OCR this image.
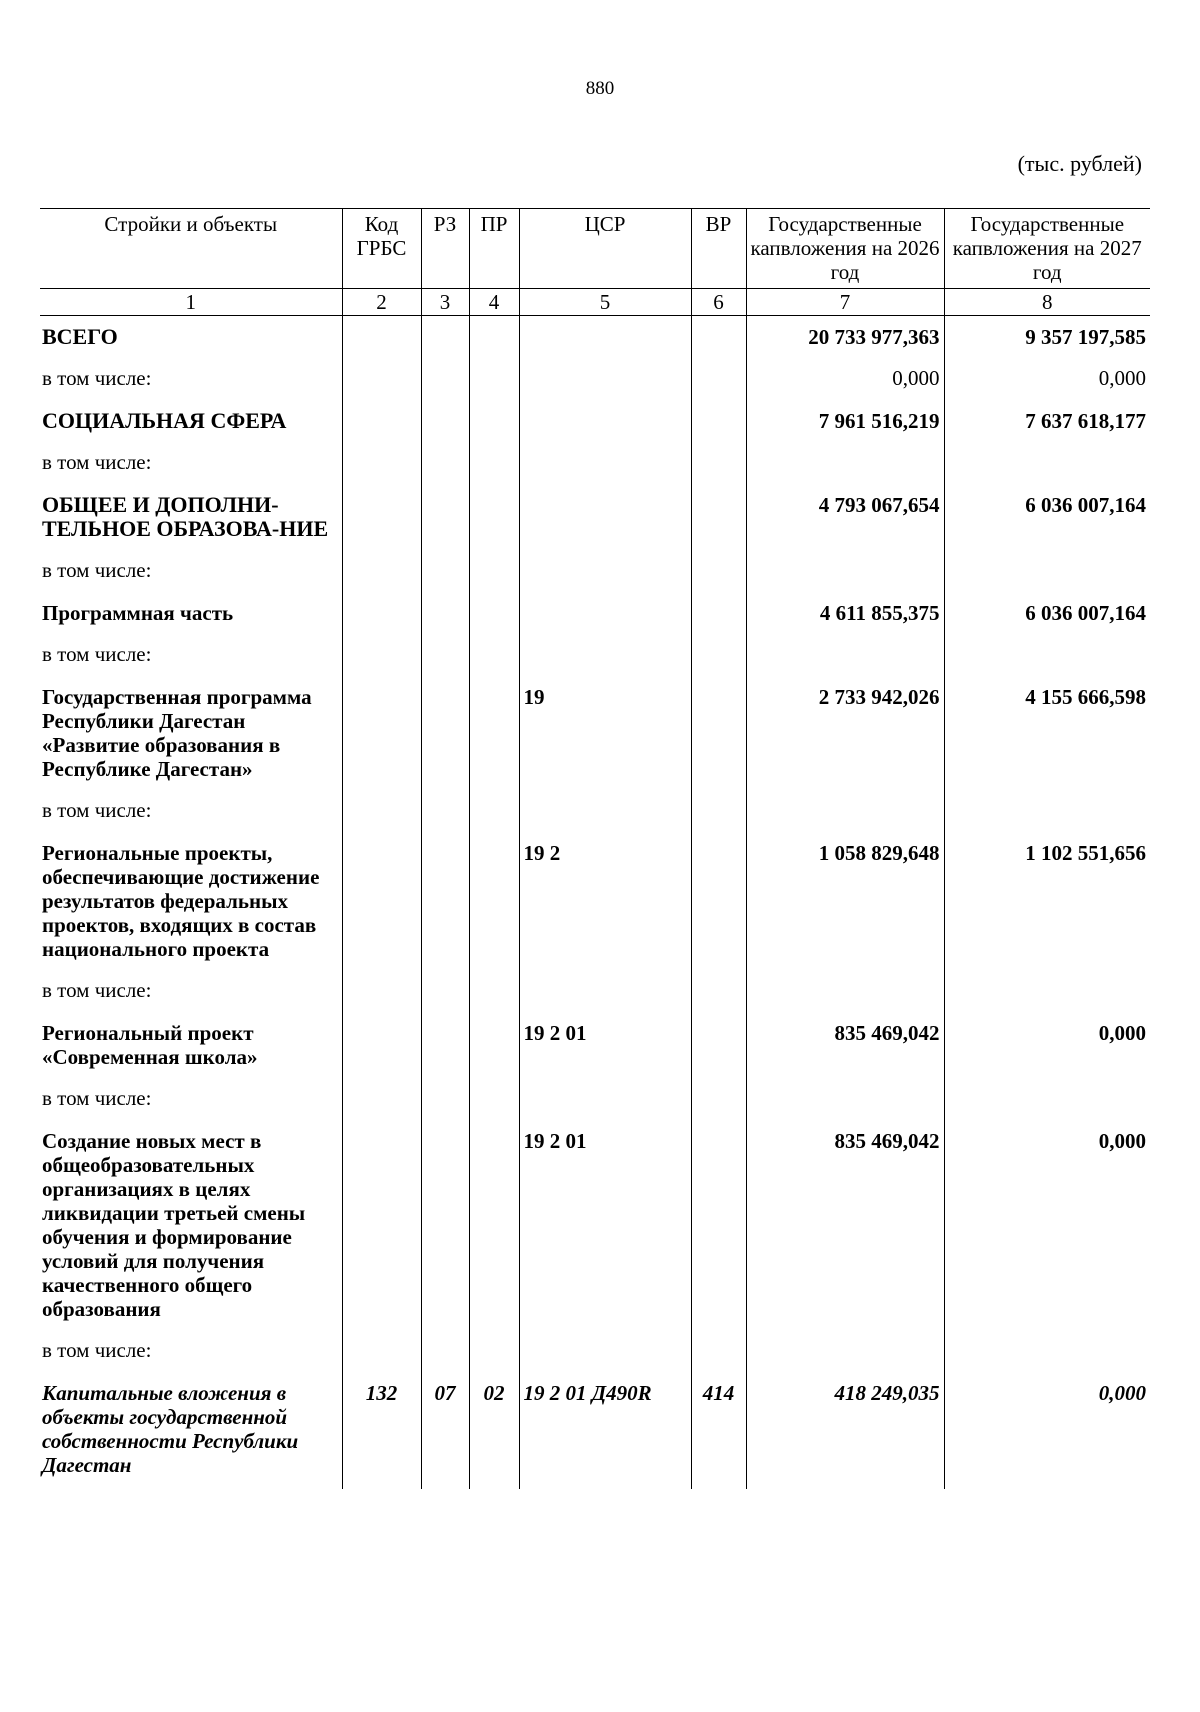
880
(тыс. рублей)
Стройки и объекты	Код ГРБС	РЗ	ПР	ЦСР	ВР	Государственные капвложения на 2026 год	Государственные капвложения на 2027 год
1	2	3	4	5	6	7	8
ВСЕГО						20 733 977,363	9 357 197,585
в том числе:						0,000	0,000
СОЦИАЛЬНАЯ СФЕРА						7 961 516,219	7 637 618,177
в том числе:							
ОБЩЕЕ И ДОПОЛНИ-ТЕЛЬНОЕ ОБРАЗОВА-НИЕ						4 793 067,654	6 036 007,164
в том числе:							
Программная часть						4 611 855,375	6 036 007,164
в том числе:							
Государственная программа Республики Дагестан «Развитие образования в Республике Дагестан»				19		2 733 942,026	4 155 666,598
в том числе:							
Региональные проекты, обеспечивающие достижение результатов федеральных проектов, входящих в состав национального проекта				19 2		1 058 829,648	1 102 551,656
в том числе:							
Региональный проект «Современная школа»				19 2 01		835 469,042	0,000
в том числе:							
Создание новых мест в общеобразовательных организациях в целях ликвидации третьей смены обучения и формирование условий для получения качественного общего образования				19 2 01		835 469,042	0,000
в том числе:							
Капитальные вложения в объекты государственной собственности Республики Дагестан	132	07	02	19 2 01 Д490R	414	418 249,035	0,000
